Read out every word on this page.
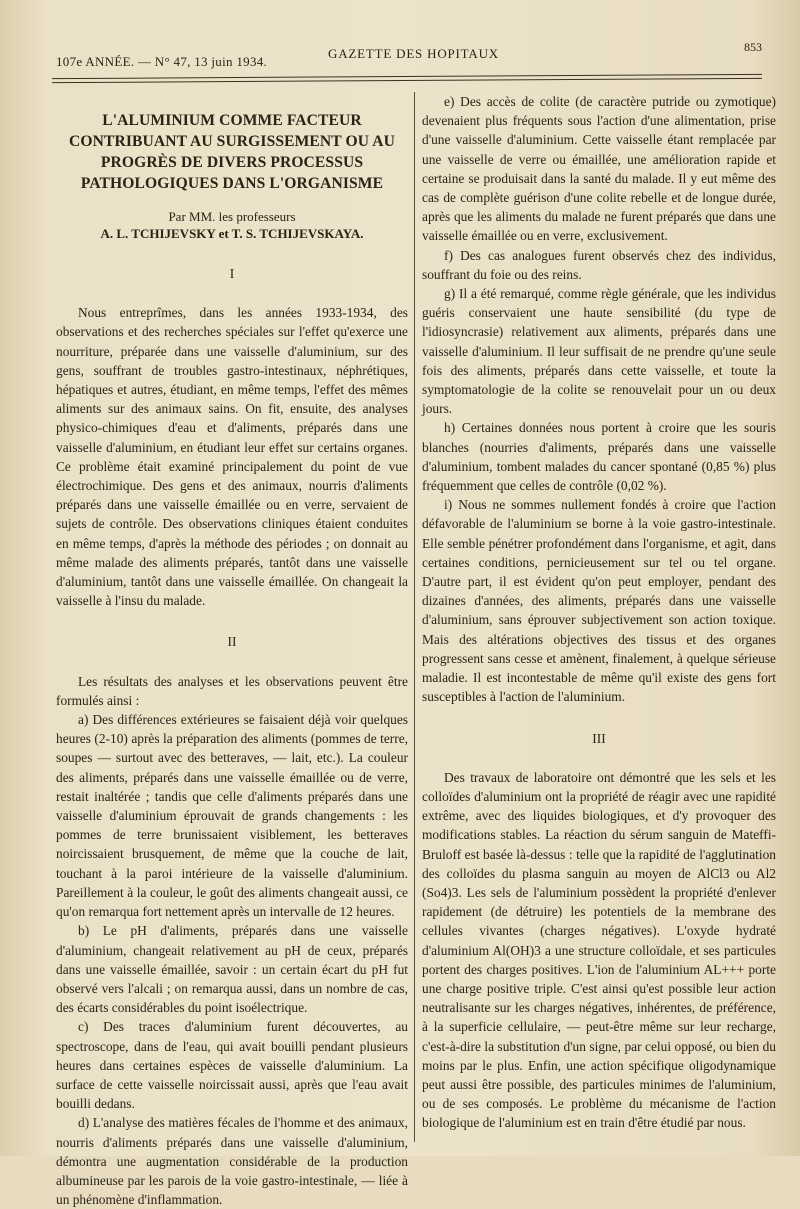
107e ANNÉE. — N° 47, 13 juin 1934.
GAZETTE DES HOPITAUX	853
L'ALUMINIUM COMME FACTEUR CONTRIBUANT AU SURGISSEMENT OU AU PROGRÈS DE DIVERS PROCESSUS PATHOLOGIQUES DANS L'ORGANISME
Par MM. les professeurs
A. L. TCHIJEVSKY et T. S. TCHIJEVSKAYA.
I

Nous entreprîmes, dans les années 1933-1934, des observations et des recherches spéciales sur l'effet qu'exerce une nourriture, préparée dans une vaisselle d'aluminium, sur des gens, souffrant de troubles gastro-intestinaux, néphrétiques, hépatiques et autres, étudiant, en même temps, l'effet des mêmes aliments sur des animaux sains. On fit, ensuite, des analyses physico-chimiques d'eau et d'aliments, préparés dans une vaisselle d'aluminium, en étudiant leur effet sur certains organes. Ce problème était examiné principalement du point de vue électrochimique. Des gens et des animaux, nourris d'aliments préparés dans une vaisselle émaillée ou en verre, servaient de sujets de contrôle. Des observations cliniques étaient conduites en même temps, d'après la méthode des périodes ; on donnait au même malade des aliments préparés, tantôt dans une vaisselle d'aluminium, tantôt dans une vaisselle émaillée. On changeait la vaisselle à l'insu du malade.

II

Les résultats des analyses et les observations peuvent être formulés ainsi :

a) Des différences extérieures se faisaient déjà voir quelques heures (2-10) après la préparation des aliments (pommes de terre, soupes — surtout avec des betteraves, — lait, etc.). La couleur des aliments, préparés dans une vaisselle émaillée ou de verre, restait inaltérée ; tandis que celle d'aliments préparés dans une vaisselle d'aluminium éprouvait de grands changements : les pommes de terre brunissaient visiblement, les betteraves noircissaient brusquement, de même que la couche de lait, touchant à la paroi intérieure de la vaisselle d'aluminium. Pareillement à la couleur, le goût des aliments changeait aussi, ce qu'on remarqua fort nettement après un intervalle de 12 heures.

b) Le pH d'aliments, préparés dans une vaisselle d'aluminium, changeait relativement au pH de ceux, préparés dans une vaisselle émaillée, savoir : un certain écart du pH fut observé vers l'alcali ; on remarqua aussi, dans un nombre de cas, des écarts considérables du point isoélectrique.

c) Des traces d'aluminium furent découvertes, au spectroscope, dans de l'eau, qui avait bouilli pendant plusieurs heures dans certaines espèces de vaisselle d'aluminium. La surface de cette vaisselle noircissait aussi, après que l'eau avait bouilli dedans.

d) L'analyse des matières fécales de l'homme et des animaux, nourris d'aliments préparés dans une vaisselle d'aluminium, démontra une augmentation considérable de la production albumineuse par les parois de la voie gastro-intestinale, — liée à un phénomène d'inflammation.

e) Des accès de colite (de caractère putride ou zymotique) devenaient plus fréquents sous l'action d'une alimentation, prise d'une vaisselle d'aluminium. Cette vaisselle étant remplacée par une vaisselle de verre ou émaillée, une amélioration rapide et certaine se produisait dans la santé du malade. Il y eut même des cas de complète guérison d'une colite rebelle et de longue durée, après que les aliments du malade ne furent préparés que dans une vaisselle émaillée ou en verre, exclusivement.

f) Des cas analogues furent observés chez des individus, souffrant du foie ou des reins.

g) Il a été remarqué, comme règle générale, que les individus guéris conservaient une haute sensibilité (du type de l'idiosyncrasie) relativement aux aliments, préparés dans une vaisselle d'aluminium. Il leur suffisait de ne prendre qu'une seule fois des aliments, préparés dans cette vaisselle, et toute la symptomatologie de la colite se renouvelait pour un ou deux jours.

h) Certaines données nous portent à croire que les souris blanches (nourries d'aliments, préparés dans une vaisselle d'aluminium, tombent malades du cancer spontané (0,85 %) plus fréquemment que celles de contrôle (0,02 %).

i) Nous ne sommes nullement fondés à croire que l'action défavorable de l'aluminium se borne à la voie gastro-intestinale. Elle semble pénétrer profondément dans l'organisme, et agit, dans certaines conditions, pernicieusement sur tel ou tel organe. D'autre part, il est évident qu'on peut employer, pendant des dizaines d'années, des aliments, préparés dans une vaisselle d'aluminium, sans éprouver subjectivement son action toxique. Mais des altérations objectives des tissus et des organes progressent sans cesse et amènent, finalement, à quelque sérieuse maladie. Il est incontestable de même qu'il existe des gens fort susceptibles à l'action de l'aluminium.

III

Des travaux de laboratoire ont démontré que les sels et les colloïdes d'aluminium ont la propriété de réagir avec une rapidité extrême, avec des liquides biologiques, et d'y provoquer des modifications stables. La réaction du sérum sanguin de Mateffi-Bruloff est basée là-dessus : telle que la rapidité de l'agglutination des colloïdes du plasma sanguin au moyen de AlCl3 ou Al2 (So4)3. Les sels de l'aluminium possèdent la propriété d'enlever rapidement (de détruire) les potentiels de la membrane des cellules vivantes (charges négatives). L'oxyde hydraté d'aluminium Al(OH)3 a une structure colloïdale, et ses particules portent des charges positives. L'ion de l'aluminium AL+++ porte une charge positive triple. C'est ainsi qu'est possible leur action neutralisante sur les charges négatives, inhérentes, de préférence, à la superficie cellulaire, — peut-être même sur leur recharge, c'est-à-dire la substitution d'un signe, par celui opposé, ou bien du moins par le plus. Enfin, une action spécifique oligodynamique peut aussi être possible, des particules minimes de l'aluminium, ou de ses composés. Le problème du mécanisme de l'action biologique de l'aluminium est en train d'être étudié par nous.
